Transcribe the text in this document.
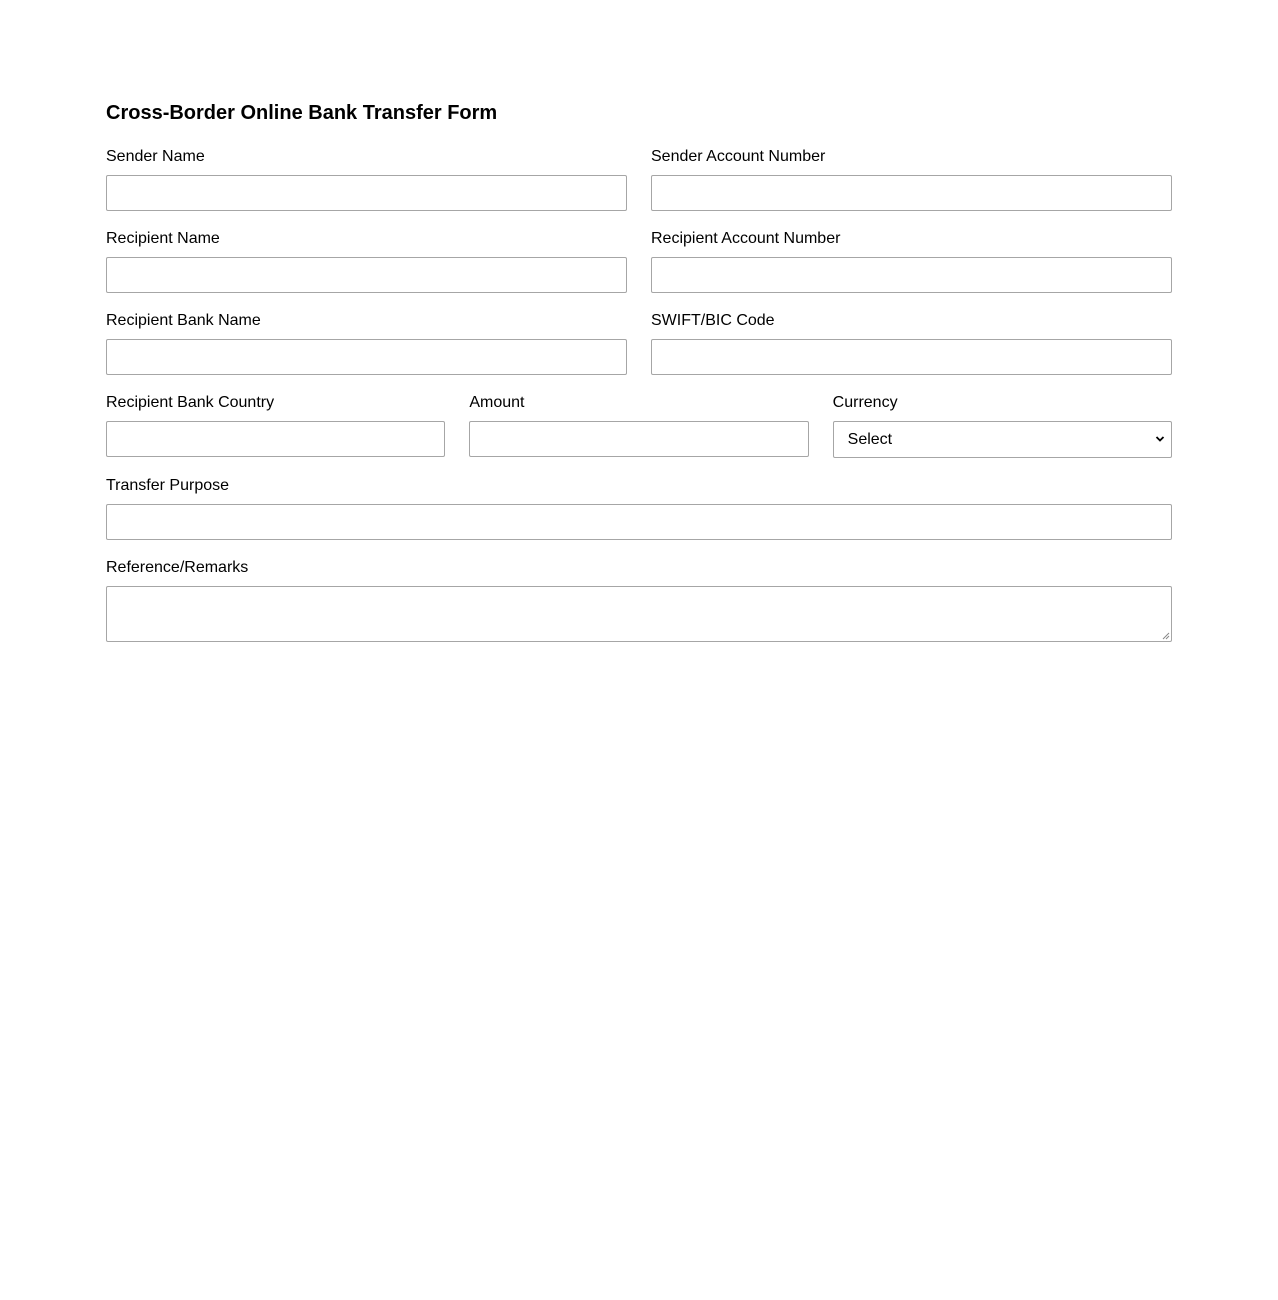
Cross-Border Online Bank Transfer Form
Sender Name	Sender Account Number
Recipient Name	Recipient Account Number
Recipient Bank Name	SWIFT/BIC Code
Recipient Bank Country	Amount	Currency
Select
Transfer Purpose
Reference/Remarks
